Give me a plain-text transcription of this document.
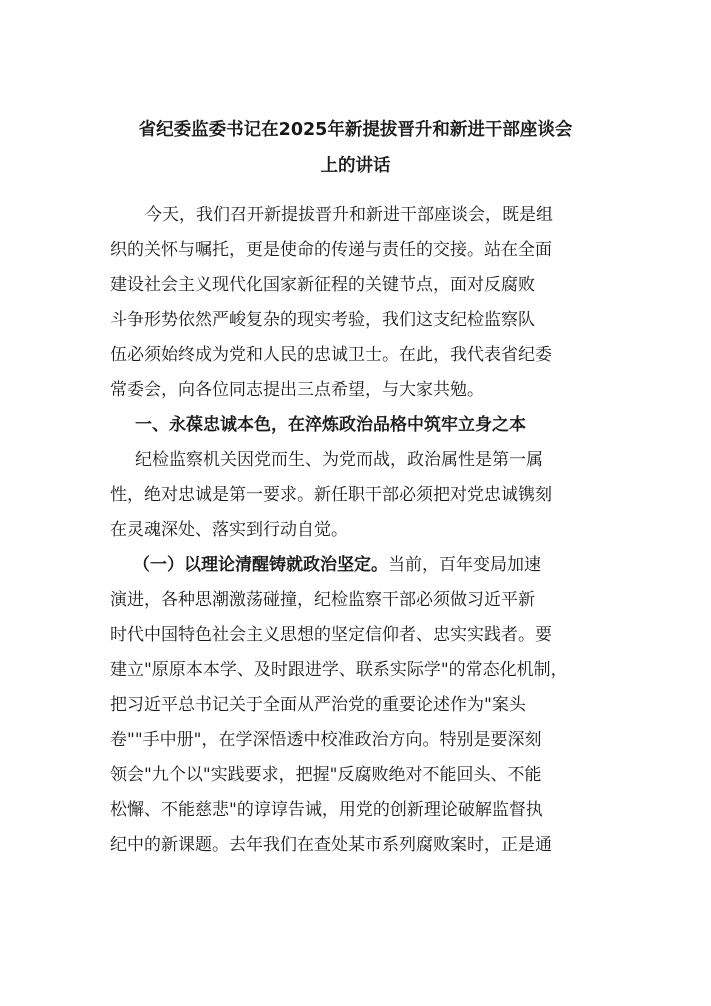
省纪委监委书记在2025年新提拔晋升和新进干部座谈会
上的讲话
今天，我们召开新提拔晋升和新进干部座谈会，既是组
织的关怀与嘱托，更是使命的传递与责任的交接。站在全面
建设社会主义现代化国家新征程的关键节点，面对反腐败
斗争形势依然严峻复杂的现实考验，我们这支纪检监察队
伍必须始终成为党和人民的忠诚卫士。在此，我代表省纪委
常委会，向各位同志提出三点希望，与大家共勉。
一、永葆忠诚本色，在淬炼政治品格中筑牢立身之本
纪检监察机关因党而生、为党而战，政治属性是第一属
性，绝对忠诚是第一要求。新任职干部必须把对党忠诚镌刻
在灵魂深处、落实到行动自觉。
（一）以理论清醒铸就政治坚定。当前，百年变局加速
演进，各种思潮激荡碰撞，纪检监察干部必须做习近平新
时代中国特色社会主义思想的坚定信仰者、忠实实践者。要
建立"原原本本学、及时跟进学、联系实际学"的常态化机制，
把习近平总书记关于全面从严治党的重要论述作为"案头
卷""手中册"，在学深悟透中校准政治方向。特别是要深刻
领会"九个以"实践要求，把握"反腐败绝对不能回头、不能
松懈、不能慈悲"的谆谆告诫，用党的创新理论破解监督执
纪中的新课题。去年我们在查处某市系列腐败案时，正是通
